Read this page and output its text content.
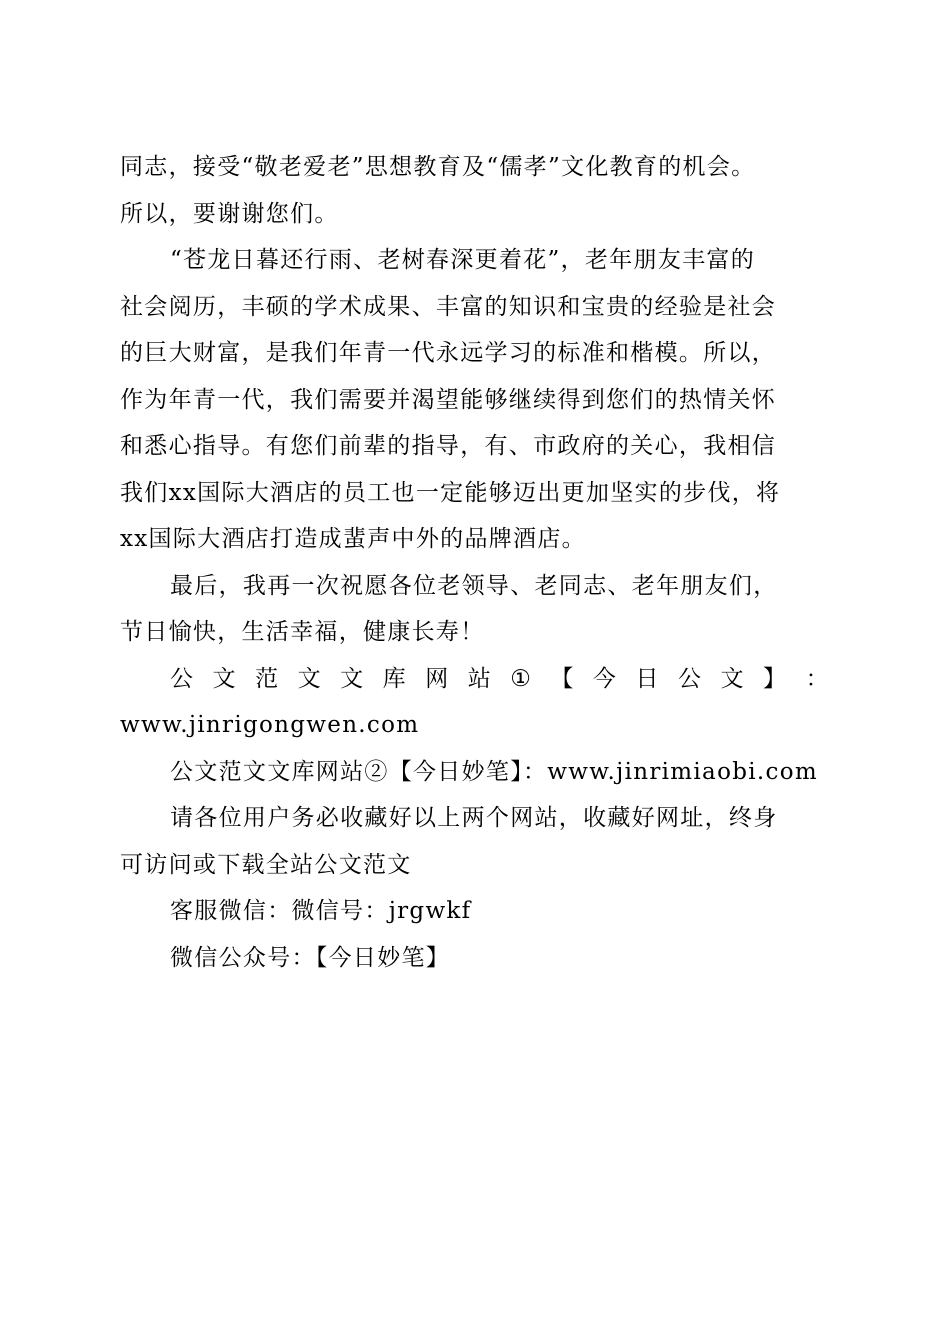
同志，接受“敬老爱老”思想教育及“儒孝”文化教育的机会。
所以，要谢谢您们。
“苍龙日暮还行雨、老树春深更着花”，老年朋友丰富的
社会阅历，丰硕的学术成果、丰富的知识和宝贵的经验是社会
的巨大财富，是我们年青一代永远学习的标准和楷模。所以，
作为年青一代，我们需要并渴望能够继续得到您们的热情关怀
和悉心指导。有您们前辈的指导，有、市政府的关心，我相信
我们xx国际大酒店的员工也一定能够迈出更加坚实的步伐，将
xx国际大酒店打造成蜚声中外的品牌酒店。
最后，我再一次祝愿各位老领导、老同志、老年朋友们，
节日愉快，生活幸福，健康长寿！
公 文 范 文 文 库 网 站 ① 【 今 日 公 文 】 ：
www.jinrigongwen.com
公文范文文库网站②【今日妙笔】：www.jinrimiaobi.com
请各位用户务必收藏好以上两个网站，收藏好网址，终身
可访问或下载全站公文范文
客服微信：微信号：jrgwkf
微信公众号：【今日妙笔】
